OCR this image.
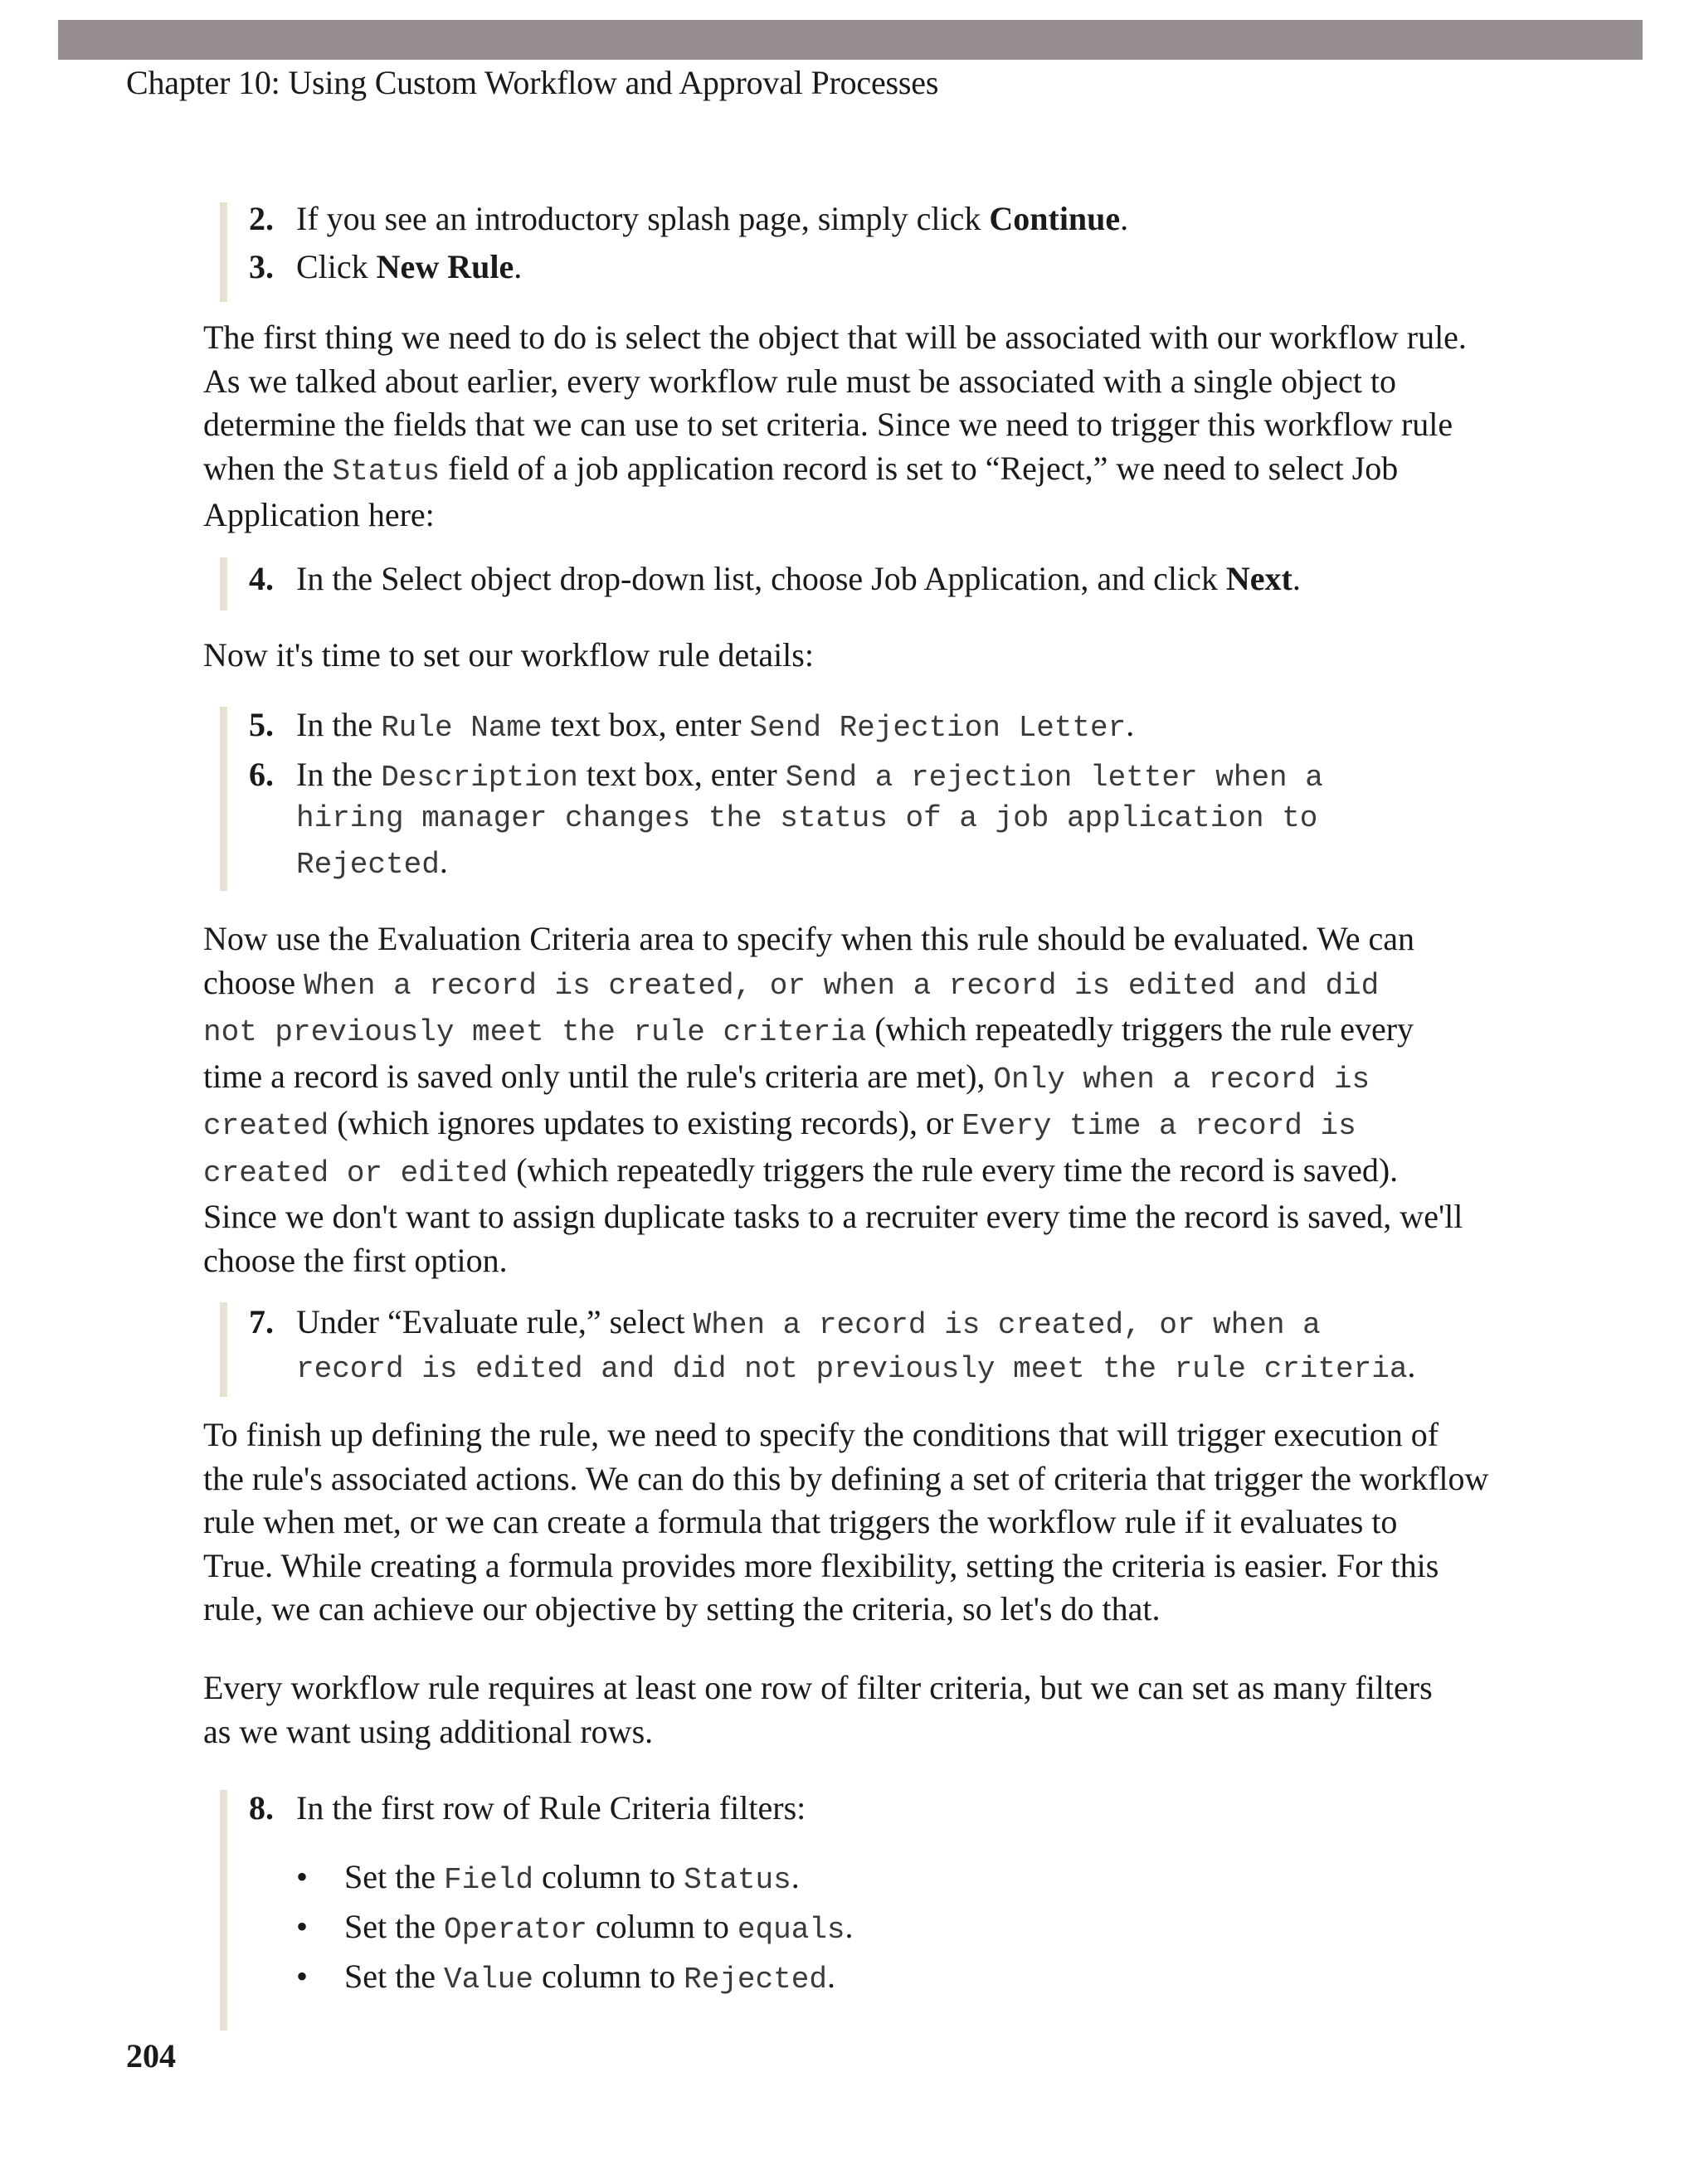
Chapter 10: Using Custom Workflow and Approval Processes
2. If you see an introductory splash page, simply click Continue.
3. Click New Rule.
The first thing we need to do is select the object that will be associated with our workflow rule.
As we talked about earlier, every workflow rule must be associated with a single object to
determine the fields that we can use to set criteria. Since we need to trigger this workflow rule
when the Status field of a job application record is set to “Reject,” we need to select Job
Application here:
4. In the Select object drop-down list, choose Job Application, and click Next.
Now it's time to set our workflow rule details:
5. In the Rule Name text box, enter Send Rejection Letter.
6. In the Description text box, enter Send a rejection letter when a
hiring manager changes the status of a job application to
Rejected.
Now use the Evaluation Criteria area to specify when this rule should be evaluated. We can
choose When a record is created, or when a record is edited and did
not previously meet the rule criteria (which repeatedly triggers the rule every
time a record is saved only until the rule's criteria are met), Only when a record is
created (which ignores updates to existing records), or Every time a record is
created or edited (which repeatedly triggers the rule every time the record is saved).
Since we don't want to assign duplicate tasks to a recruiter every time the record is saved, we'll
choose the first option.
7. Under “Evaluate rule,” select When a record is created, or when a
record is edited and did not previously meet the rule criteria.
To finish up defining the rule, we need to specify the conditions that will trigger execution of
the rule's associated actions. We can do this by defining a set of criteria that trigger the workflow
rule when met, or we can create a formula that triggers the workflow rule if it evaluates to
True. While creating a formula provides more flexibility, setting the criteria is easier. For this
rule, we can achieve our objective by setting the criteria, so let's do that.
Every workflow rule requires at least one row of filter criteria, but we can set as many filters
as we want using additional rows.
8. In the first row of Rule Criteria filters:
• Set the Field column to Status.
• Set the Operator column to equals.
• Set the Value column to Rejected.
204
